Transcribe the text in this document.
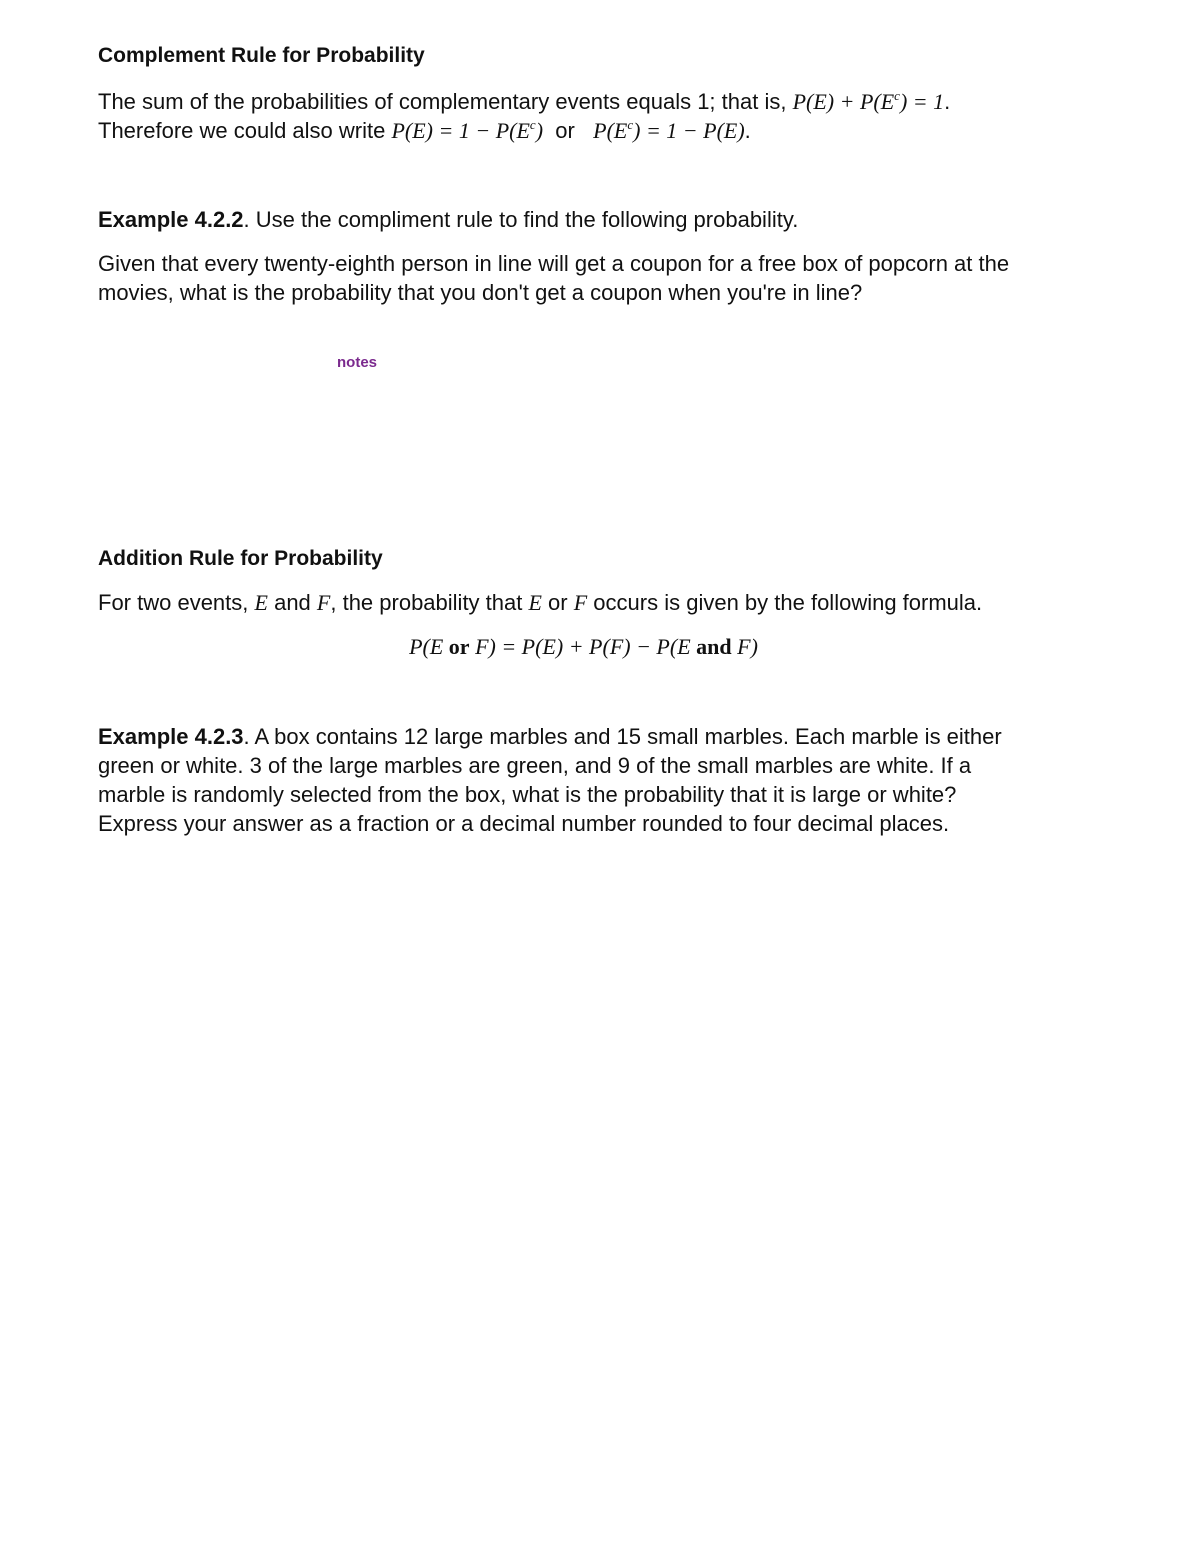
Complement Rule for Probability
The sum of the probabilities of complementary events equals 1; that is, $P(E) + P(E^c) = 1$.
Therefore we could also write $P(E) = 1 - P(E^c)$  or   $P(E^c) = 1 - P(E)$.
Example 4.2.2. Use the compliment rule to find the following probability.
Given that every twenty-eighth person in line will get a coupon for a free box of popcorn at the
movies, what is the probability that you don't get a coupon when you're in line?
notes
Addition Rule for Probability
For two events, E and F, the probability that E or F occurs is given by the following formula.
P(E or F) = P(E) + P(F) − P(E and F)
Example 4.2.3. A box contains 12 large marbles and 15 small marbles. Each marble is either
green or white. 3 of the large marbles are green, and 9 of the small marbles are white. If a
marble is randomly selected from the box, what is the probability that it is large or white?
Express your answer as a fraction or a decimal number rounded to four decimal places.
